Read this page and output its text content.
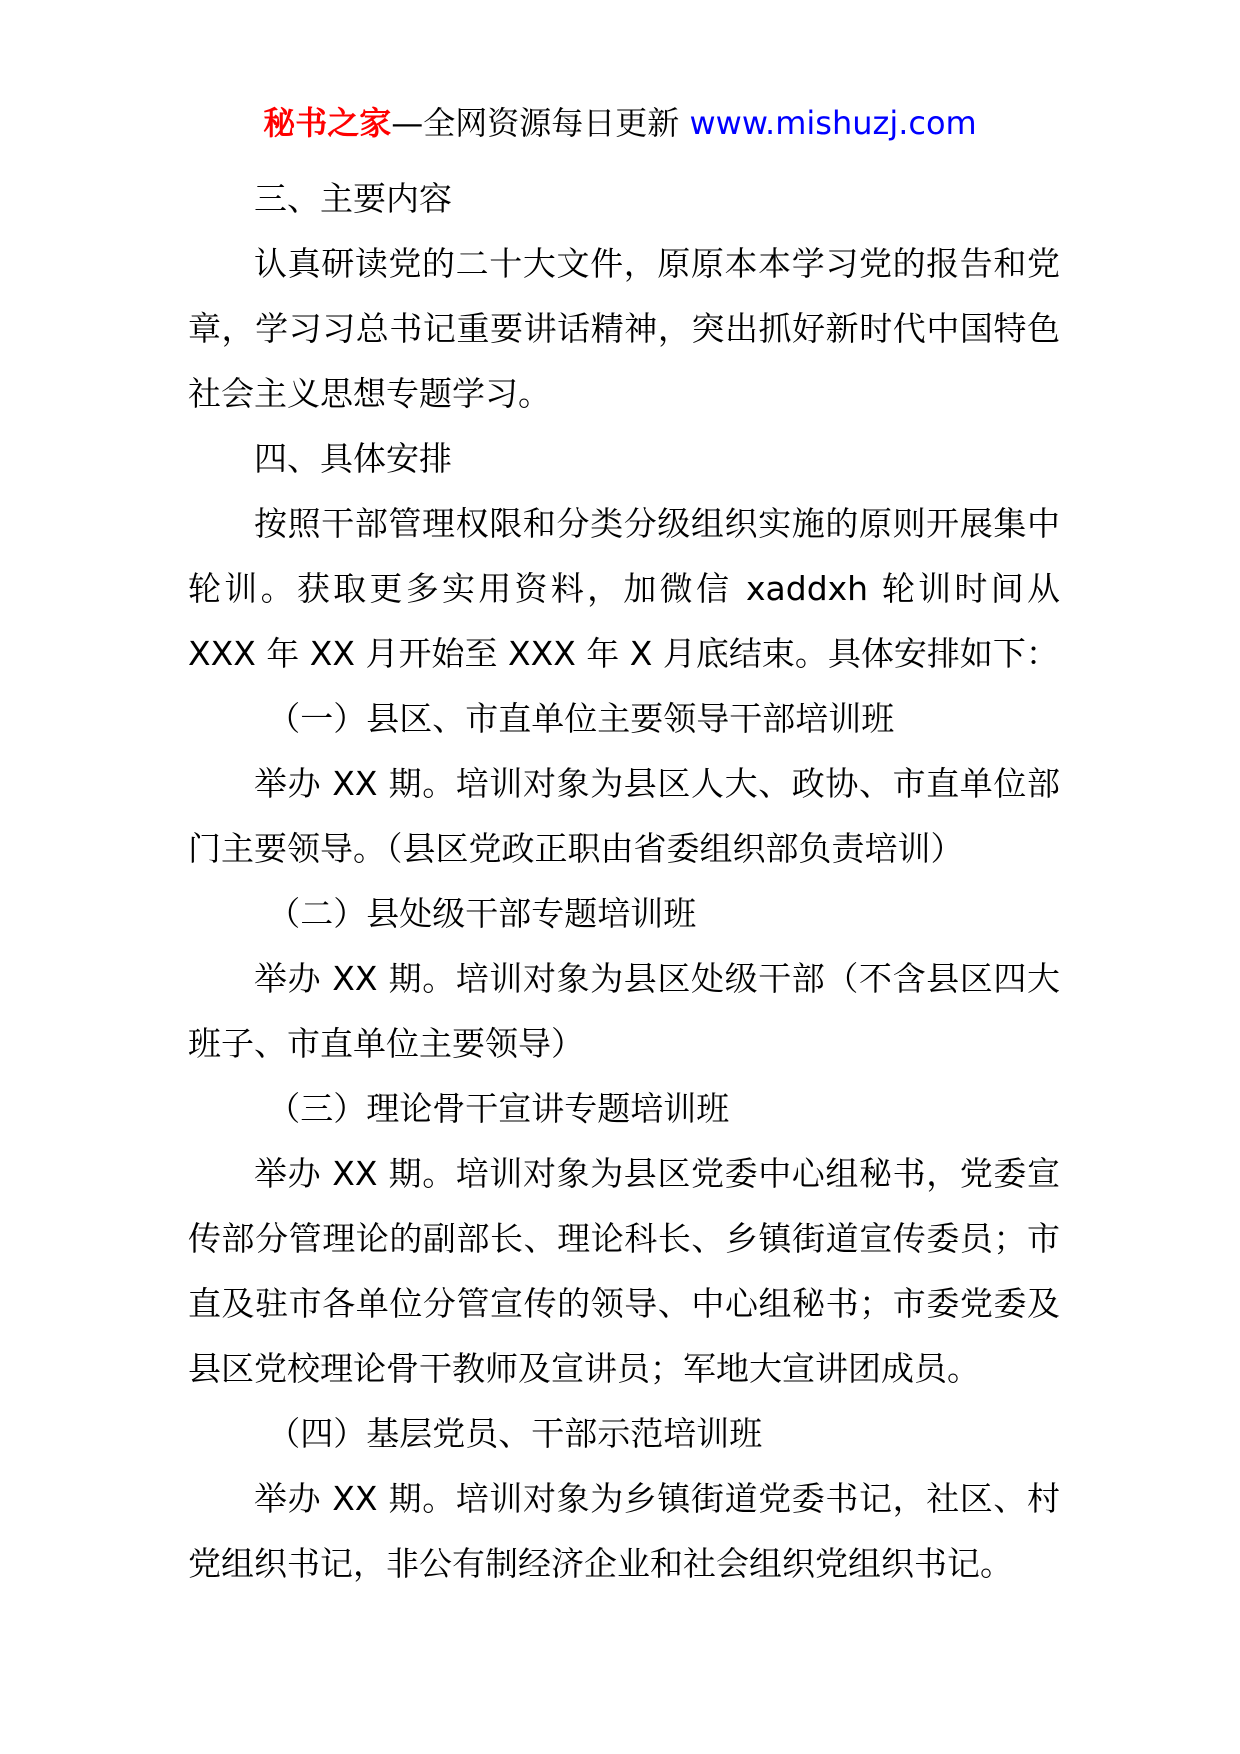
秘书之家—全网资源每日更新 www.mishuzj.com

三、主要内容

认真研读党的二十大文件，原原本本学习党的报告和党章，学习习总书记重要讲话精神，突出抓好新时代中国特色社会主义思想专题学习。

四、具体安排

按照干部管理权限和分类分级组织实施的原则开展集中轮训。获取更多实用资料，加微信 xaddxh 轮训时间从 XXX 年 XX 月开始至 XXX 年 X 月底结束。具体安排如下：

（一）县区、市直单位主要领导干部培训班

举办 XX 期。培训对象为县区人大、政协、市直单位部门主要领导。（县区党政正职由省委组织部负责培训）

（二）县处级干部专题培训班

举办 XX 期。培训对象为县区处级干部（不含县区四大班子、市直单位主要领导）

（三）理论骨干宣讲专题培训班

举办 XX 期。培训对象为县区党委中心组秘书，党委宣传部分管理论的副部长、理论科长、乡镇街道宣传委员；市直及驻市各单位分管宣传的领导、中心组秘书；市委党委及县区党校理论骨干教师及宣讲员；军地大宣讲团成员。

（四）基层党员、干部示范培训班

举办 XX 期。培训对象为乡镇街道党委书记，社区、村党组织书记，非公有制经济企业和社会组织党组织书记。
